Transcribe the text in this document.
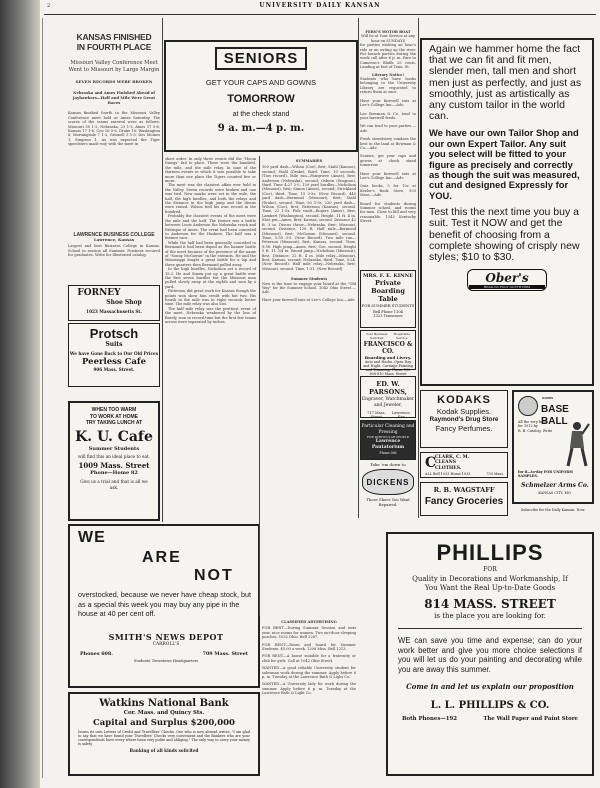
2	UNIVERSITY DAILY KANSAN
KANSAS FINISHED
IN FOURTH PLACE
Missouri Valley Conference Meet Went to Missouri by Large Margin
SEVEN RECORDS WERE BROKEN
Nebraska and Ames Finished Ahead of Jayhawkers—Half and Mile Were Great Races
Kansas finished fourth in the Missouri Valley Conference meet held at Ames Saturday. The scores of the teams entered were as follows: Missouri 50 1-2, Nebraska, 23 1-3, Ames 17 5-6, Kansas 17 1-6, Coe 16 5-6, Drake 10, Washington 8, Morningside 7 1-2, Grinnell 5 1-3, Des Moines 1, Simpson 1. As was expected the Tiger speedsters made way with the meet in
LAWRENCE BUSINESS COLLEGE
Lawrence, Kansas
Largest and best Business College in Kansas. School in session all Summer. Positions secured for graduates. Write for illustrated catalog.
FORNEY
Shoe Shop
1023 Massachusetts St.
Protsch
Suits
We have Gone Back to Our Old Prices
Peerless Cafe
906 Mass. Street.
WHEN TOO WARM
TO WORK AT HOME
TRY TAKING LUNCH AT
K. U. Cafe
Summer Students
will find this an ideal place to eat.
1009 Mass. Street
Phone—Home 82
Give us a trial and that is all we ask.
SENIORS
GET YOUR CAPS AND GOWNS
TOMORROW
at the check stand
9 a. m.—4 p. m.

short order. In only three events did the "Hoom Dawgs" fail to place. These were the hundred, the mile, and the mile relay. In nine of the thirteen events in which it was possible to take more than one place the Tigers counted five or more.

The meet was the classiest affair ever held in the Valley. Seven records were broken and one was tied. New marks were set in the mile, the half, the high hurdles, and both the relays and the distance in the high jump and the discus were raised. Wilson tied his own record in the hundred.

Probably the classiest events of the meet were the mile and the half. The former was a battle between Louis Anderson the Nebraska crack and Fabrique of Ames. The event had been conceded to Anderson for the Huskers. The half was a feature race.

While the half had been generally conceded to Bermond it had been doped as the banner battle of the meet because of the presence of the name of "Sonny McGowan" in the entrants. He and the Mississippi fought a great battle for a lap and three quarters then Bermond pulled away.

In the high hurdles, Nicholson set a record of 15.2. He and Simon put up a great battle over the first seven hurdles but the Missouri man pulled slowly away at the eighth and won by a yard.

Patterson did great work for Kansas though the points won show him credit with but two. His fourth in the mile was in eight seconds better time. The mile relay was also lost.

The half mile relay was the prettiest event of the meet. Nebraska weakened by the loss of Barely, won in record time but the first few teams across were separated by inches.

SUMMARIES
100 yard dash—Wilson (Coe), first; Stahl (Kansas), second; Stahl (Drake), third. Time, 10 seconds. (Ties record). Mile run—Fairgrieve (Ames), first; Anderson (Nebraska), second; Osborn (Simpson), third. Time 4:27 2-5. 120 yard hurdles—Nicholson (Missouri), first; Simon (Ames), second; Strickland (Coe), third. Time, 15 2-5s. (New Record). 440 yard dash—Bermond (Missouri), first; Stahl (Drake), second. Time, 50 1-5s. 220 yard dash—Wilson (Coe), first; Patterson (Kansas), second. Time, 22 1-5s. Pole vault—Rogers (Ames), first; Lambert (Washington), second. Height, 11 ft. 4 in. Shot put—Ames, first; Kansas, second. Distance 42 ft. 3 in. Discus throw—Nebraska, first; Missouri, second. Distance, 128 ft. Half mile—Bermond (Missouri), first; McGowan (Missouri), second. Time, 1:55 3-5. (New Record). Two mile run—Peterson (Missouri), first; Kansas, second. Time, 9:58. High jump—Ames, first; Coe, second. Height 5 ft. 11 3/4 in. Broad jump—Nicholson (Missouri), first. Distance, 22 ft. 4 in. Mile relay—Missouri, first; Kansas, second; Nebraska, third. Time, 3:24. (New Record). Half mile relay—Nebraska, first; Missouri, second. Time, 1:31. (New Record).
Summer Students
Now is the time to engage your board at the "Old Way" for the Summer School. 1042 Ohio Street.—Adv.
Have your farewell eats at Lee's College Inn.—Adv.
FERN'S MOTOR BOAT
Will be at Your Service at any hour on SUNDAYS
for parties wishing an hour's ride or an outing up the river. For launch parties during the week call after 6 p. m. Fare to Cameron's Bluffs 25 cents. Landing at foot of Tenn. St.
Literary Notice!
Students who have books belonging to the University Library are requested to return them at once.
Have your farewell eats at Lee's College Inn.—Adv.
Lee Bowman & Co. tend to your farewell feeds.
We can tend to your parties.—Adv.
Fresh strawberry sundaes the best in the land at Bowman & Co.—Adv.
Seniors, get your caps and gowns at check stand tomorrow.
Have your farewell eats at Lee's College Inn.—Adv.
Quiz books, 5 for 10c at Keeler's Book Store, 933 Mass.—Adv.
Board for students during Summer school, and rooms for men. Close to hill and very reasonable. 1343 Kentucky Street.
MRS. F. E. KINNE
Private Boarding Table
FOR SUMMER STUDENTS
Bell Phone 1104
1323 Tennessee
Your Business Solicited
Hospitable Service
FRANCISCO & CO.
Boarding and Livery.
Auto and Hacks. Open Day and Night. Carriage Painting and Trimming. Phone 130 808-810 Mass. Street
ED. W. PARSONS,
Engraver, Watchmaker and Jeweler,
717 Mass. Street
Lawrence, Kan
Particular Cleaning and
Pressing
FOR PARTICULAR PEOPLE
Lawrence Pantatorium
Phone 386
Take 'em down to
DICKENS
Those Shoes You Want Repaired.
Again we hammer home the fact that we can fit and fit men, slender men, tall men and short men just as perfectly, and just as smoothly, just as artistically as any custom tailor in the world can.
We have our own Tailor Shop and our own Expert Tailor. Any suit you select will be fitted to your figure as precisely and correctly as though the suit was measured, cut and designed Expressly for YOU.
Test this the next time you buy a suit. Test it NOW and get the benefit of choosing from a complete showing of crisply new styles; $10 to $30.
Ober's
HEAD-TO-FOOT OUTFITTERS
KODAKS
Kodak Supplies.
Raymond's Drug Store
Fancy Perfumes.
C
CLARK, C. M.
CLEANS
CLOTHES.
ALL Bell 1033 Home 1033	730 Mass.
R. B. WAGSTAFF
Fancy Groceries
GOODS
BASE BALL
All the very best
for 1912 by
R. B. Catalog. Write
for it—to-day FOR UNIFORM SAMPLES.
Schmelzer Arms Co.
KANSAS CITY, MO.
Subscribe for the Daily Kansan. Now.
WE
ARE
NOT
overstocked, because we never have cheap stock, but as a special this week you may buy any pipe in the house at 40 per cent off.
SMITH'S NEWS DEPOT
CARROLL'S
Phones 608.	709 Mass. Street
Students' Downtown Headquarters
Watkins National Bank
Cor. Mass. and Quincy Sts.
Capital and Surplus $200,000
Issues its own Letters of Credit and Travellers' Checks. One who is now abroad writes: "I am glad to say that we have found your Travellers' Checks very convenient and the Bankers who are your correspondents have every where been very polite and obliging." The only way to carry your money is safety
Banking of all kinds solicited
CLASSIFIED ADVERTISING
FOR RENT—During Summer Session and next year, nice rooms for women. Two out-door sleeping porches. 1032 Ohio. Bell 2287.
FOR RENT—Room and board for Summer Students. $5.00 a week. 1208 Miss. Bell 1213.
FOR RENT—A house suitable for a fraternity or club for girls. Call at 1042 Ohio Street.
WANTED—A good reliable University student for salesman work during the summer. Apply before 6 p. m. Tuesday at the Lawrence Bath & Light Co.
WANTED—A University lady for work during the summer. Apply before 6 p. m. Tuesday at the Lawrence Bath & Light Co.
PHILLIPS
FOR
Quality in Decorations and Workmanship, If You Want the Real Up-to-Date Goods
814 MASS. STREET
is the place you are looking for.
WE can save you time and expense; can do your work better and give you more choice selections if you will let us do your painting and decorating while you are away this summer.
Come in and let us explain our proposition
L. L. PHILLIPS & CO.
Both Phones—192	The Wall Paper and Paint Store
